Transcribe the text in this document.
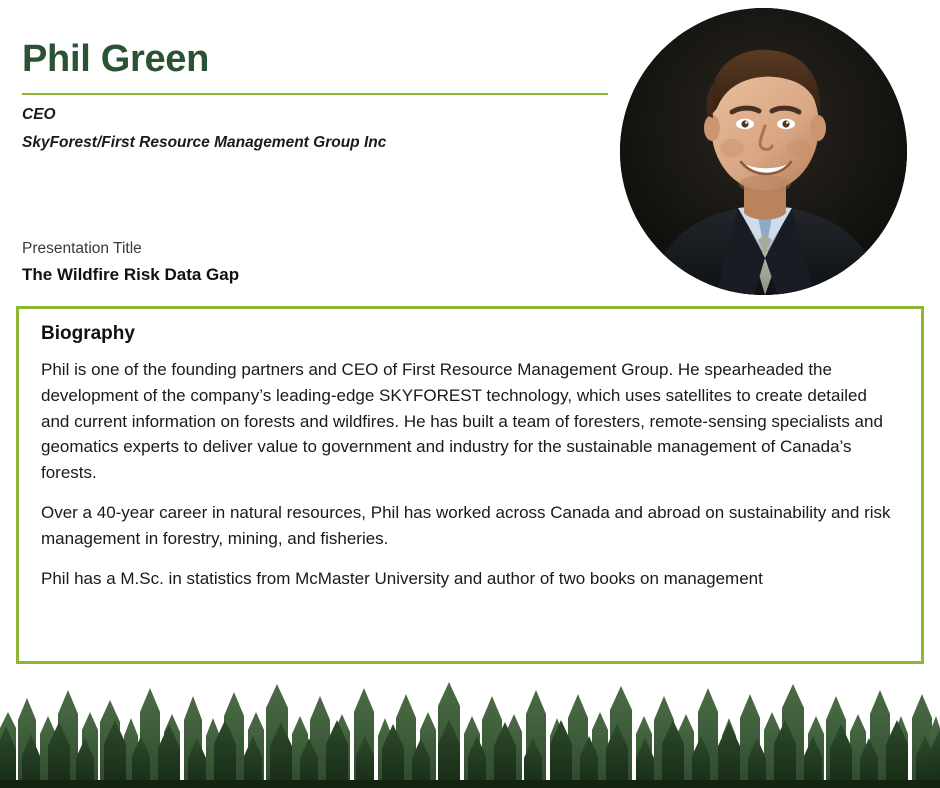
Phil Green
CEO
SkyForest/First Resource Management Group Inc
Presentation Title
The Wildfire Risk Data Gap
Biography

Phil is one of the founding partners and CEO of First Resource Management Group. He spearheaded the development of the company’s leading-edge SKYFOREST technology, which uses satellites to create detailed and current information on forests and wildfires. He has built a team of foresters, remote-sensing specialists and geomatics experts to deliver value to government and industry for the sustainable management of Canada’s forests.

Over a 40-year career in natural resources, Phil has worked across Canada and abroad on sustainability and risk management in forestry, mining, and fisheries.

Phil has a M.Sc. in statistics from McMaster University and author of two books on management
